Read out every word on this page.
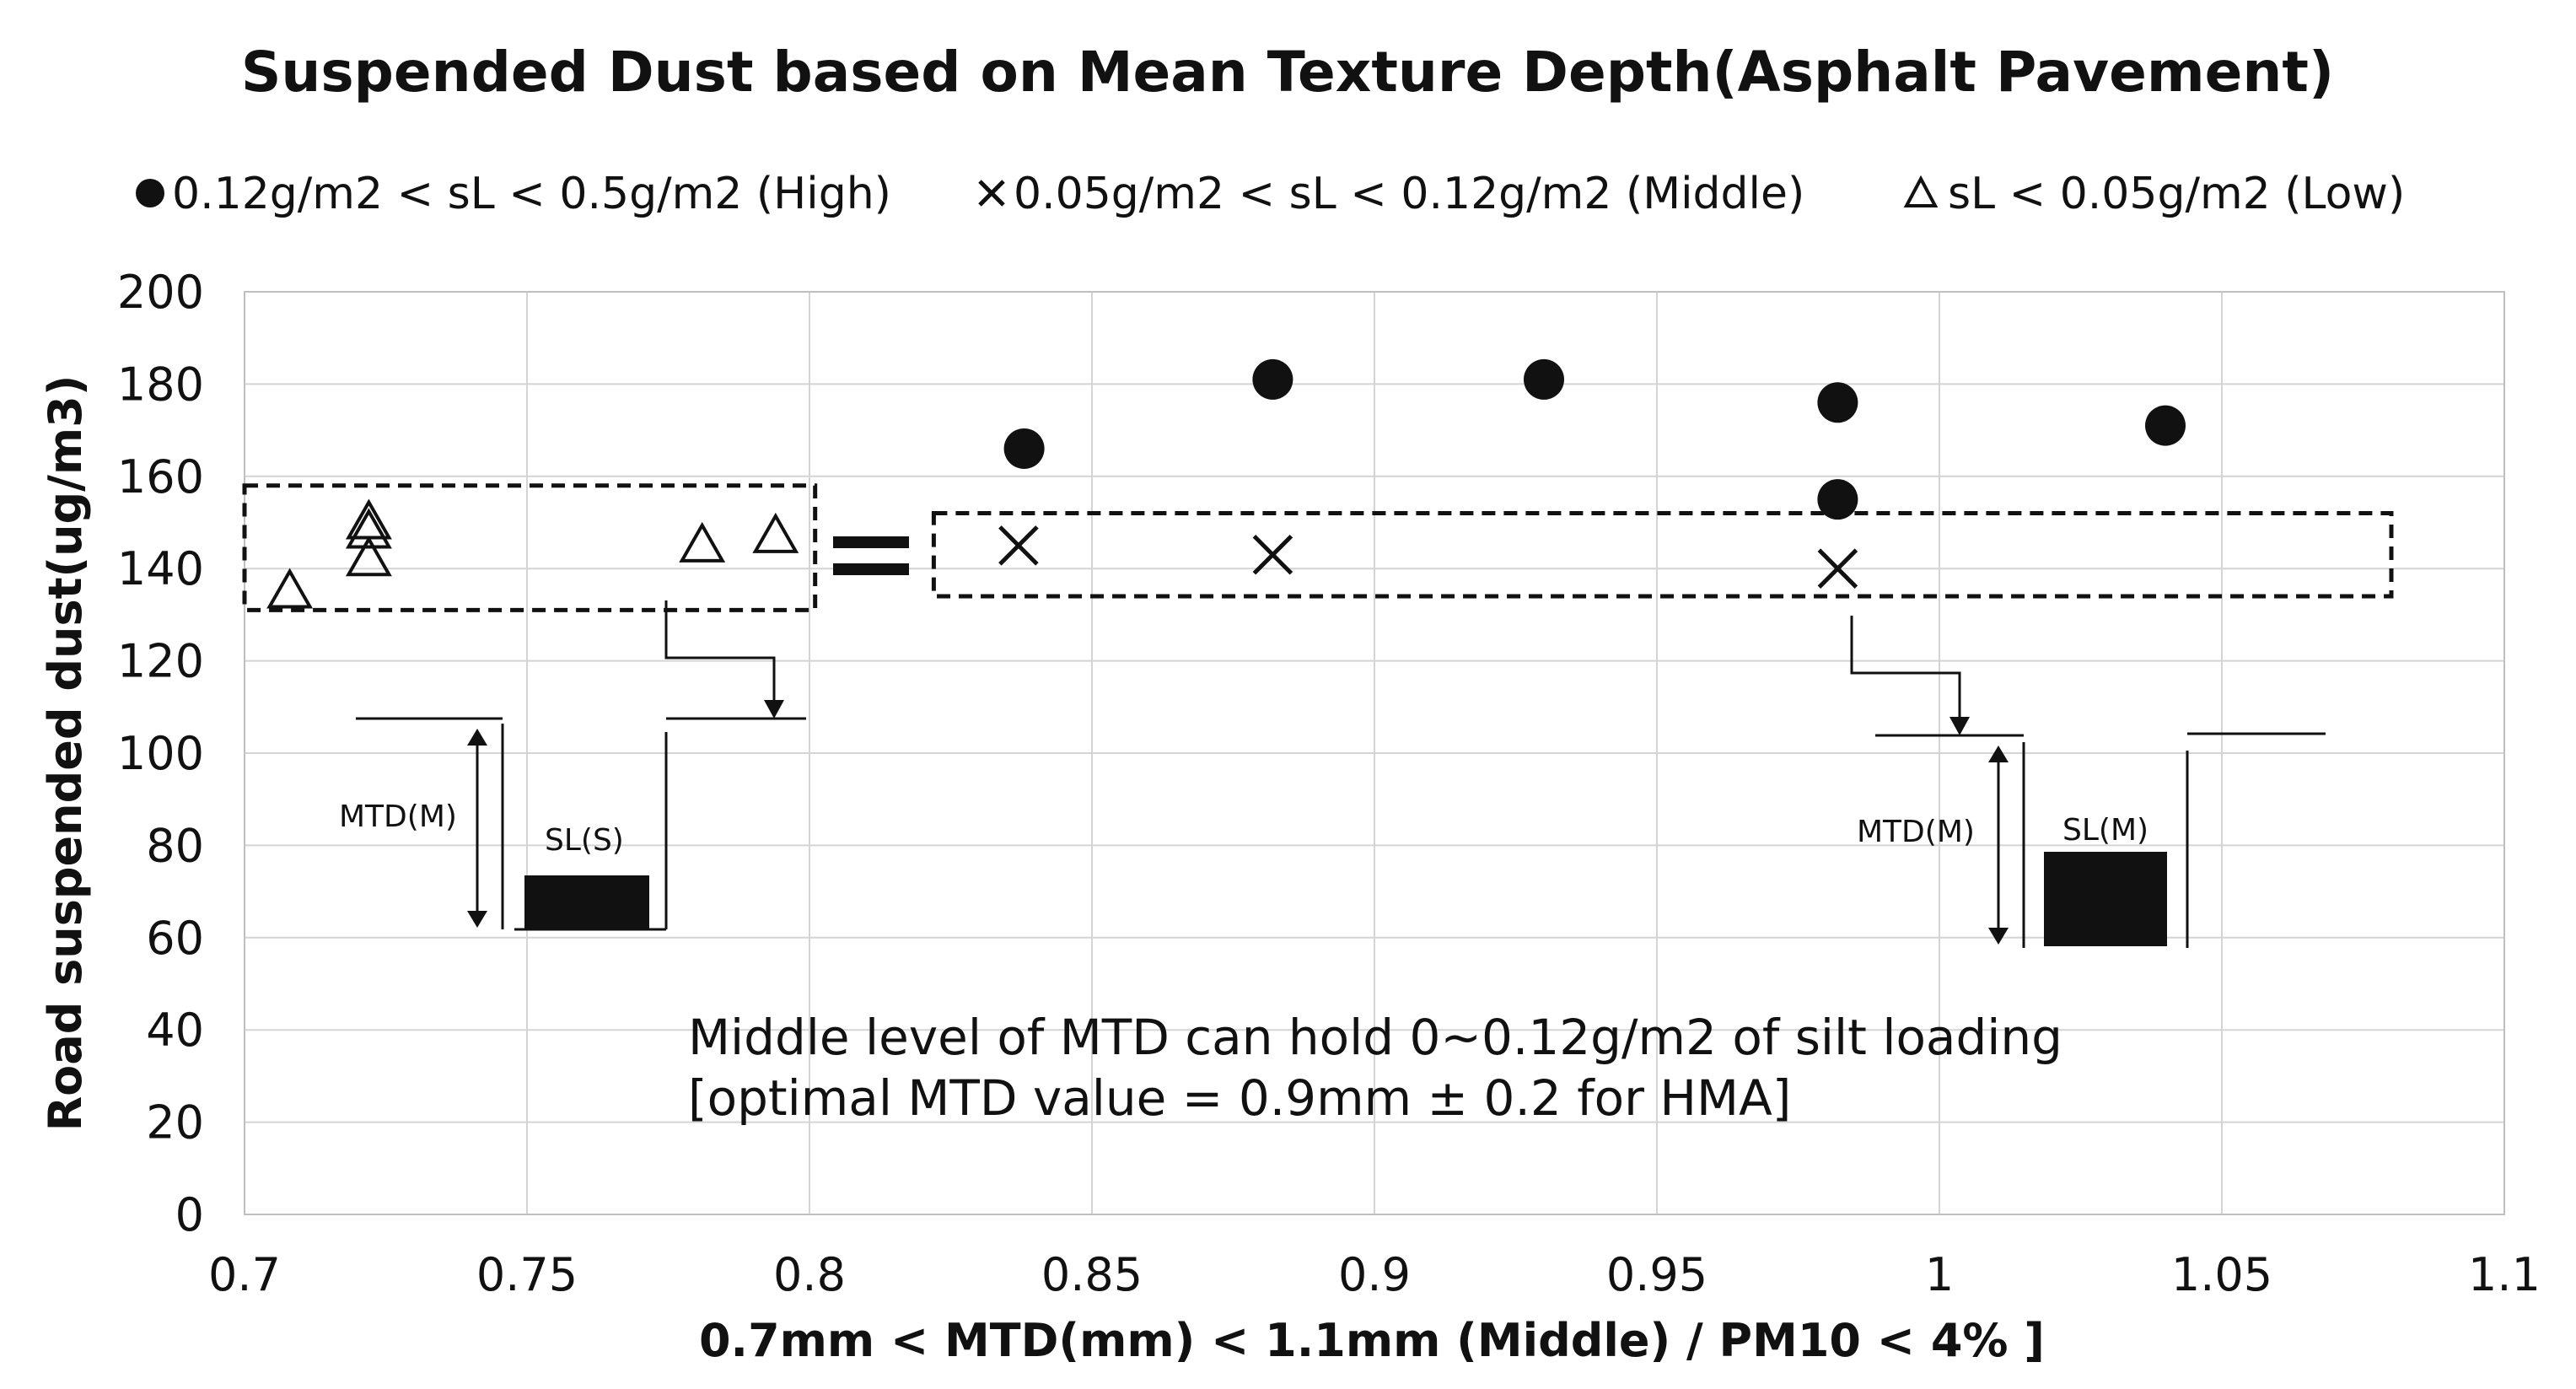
Suspended Dust based on Mean Texture Depth(Asphalt Pavement)
0.12g/m2 < sL < 0.5g/m2 (High)	0.05g/m2 < sL < 0.12g/m2 (Middle)	sL < 0.05g/m2 (Low)
0.7	0.75	0.8	0.85	0.9	0.95	1	1.05	1.1
0
20
40
60
80
100
120
140
160
180
200
0.7mm < MTD(mm) < 1.1mm (Middle) / PM10 < 4% ]
Road suspended dust(ug/m3)	MTD(M)
SL(S)	MTD(M)	SL(M)
Middle level of MTD can hold 0~0.12g/m2 of silt loading
[optimal MTD value = 0.9mm ± 0.2 for HMA]
